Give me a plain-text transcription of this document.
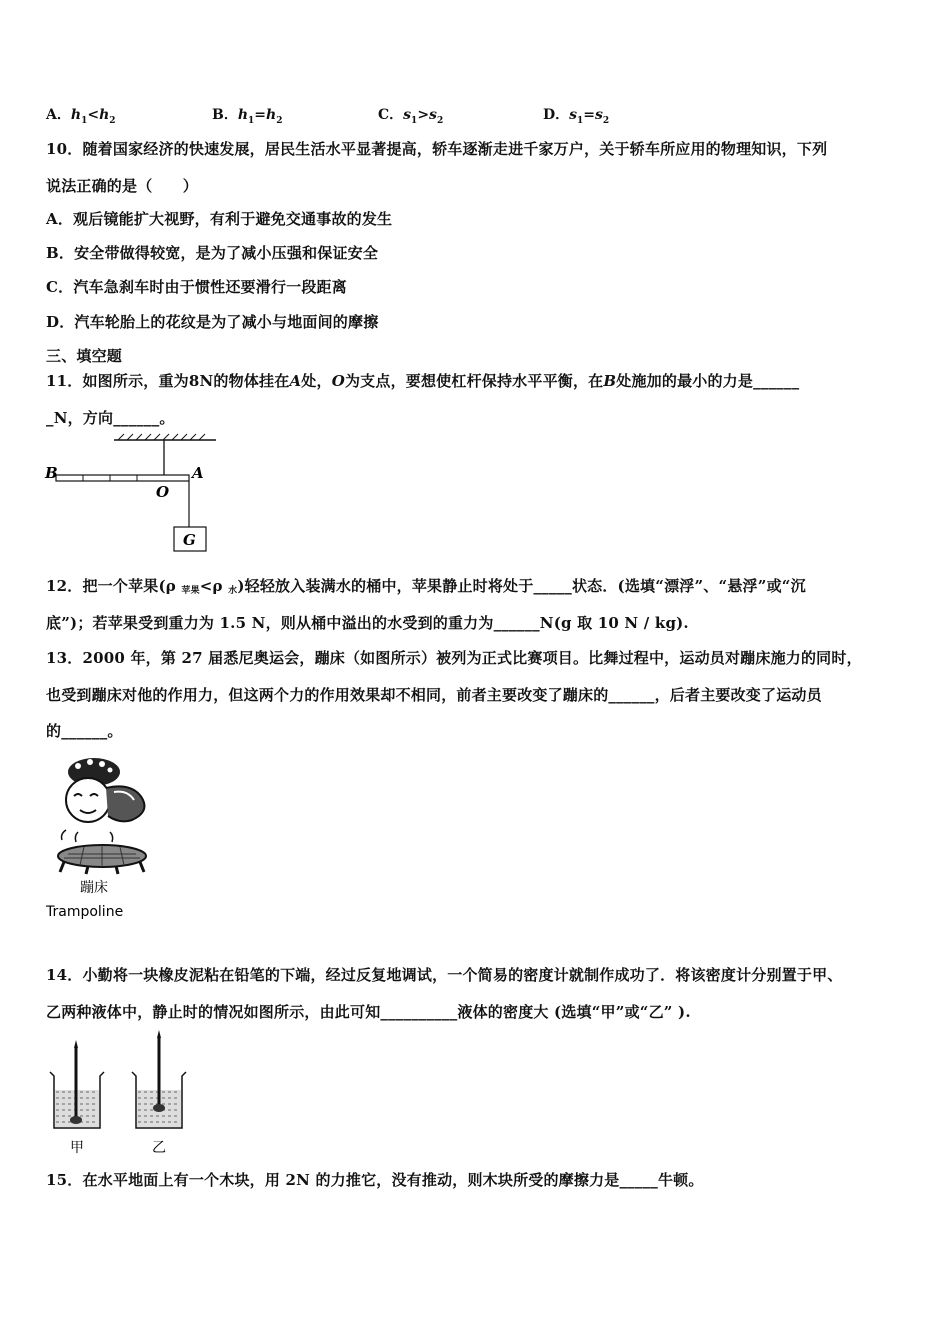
A．$h_1<h_2$	B．$h_1=h_2$	C．$s_1>s_2$	D．$s_1=s_2$
10．随着国家经济的快速发展，居民生活水平显著提高，轿车逐渐走进千家万户，关于轿车所应用的物理知识，下列
说法正确的是（　　）
A．观后镜能扩大视野，有利于避免交通事故的发生
B．安全带做得较宽，是为了减小压强和保证安全
C．汽车急刹车时由于惯性还要滑行一段距离
D．汽车轮胎上的花纹是为了减小与地面间的摩擦
三、填空题
11．如图所示，重为8N的物体挂在A处，O为支点，要想使杠杆保持水平平衡，在B处施加的最小的力是______
_N，方向______。
B	A
O
G
12．把一个苹果(ρ 苹果<ρ 水)轻轻放入装满水的桶中，苹果静止时将处于_____状态．(选填“漂浮”、“悬浮”或“沉
底”)；若苹果受到重力为 1.5 N，则从桶中溢出的水受到的重力为______N(g 取 10 N / kg).
13．2000 年，第 27 届悉尼奥运会，蹦床（如图所示）被列为正式比赛项目。比舞过程中，运动员对蹦床施力的同时，
也受到蹦床对他的作用力，但这两个力的作用效果却不相同，前者主要改变了蹦床的______，后者主要改变了运动员
的______。
蹦床
Trampoline
14．小勤将一块橡皮泥粘在铅笔的下端，经过反复地调试，一个简易的密度计就制作成功了．将该密度计分别置于甲、
乙两种液体中，静止时的情况如图所示，由此可知__________液体的密度大 (选填“甲”或“乙” ).
甲	乙
15．在水平地面上有一个木块，用 2N 的力推它，没有推动，则木块所受的摩擦力是_____牛顿。
